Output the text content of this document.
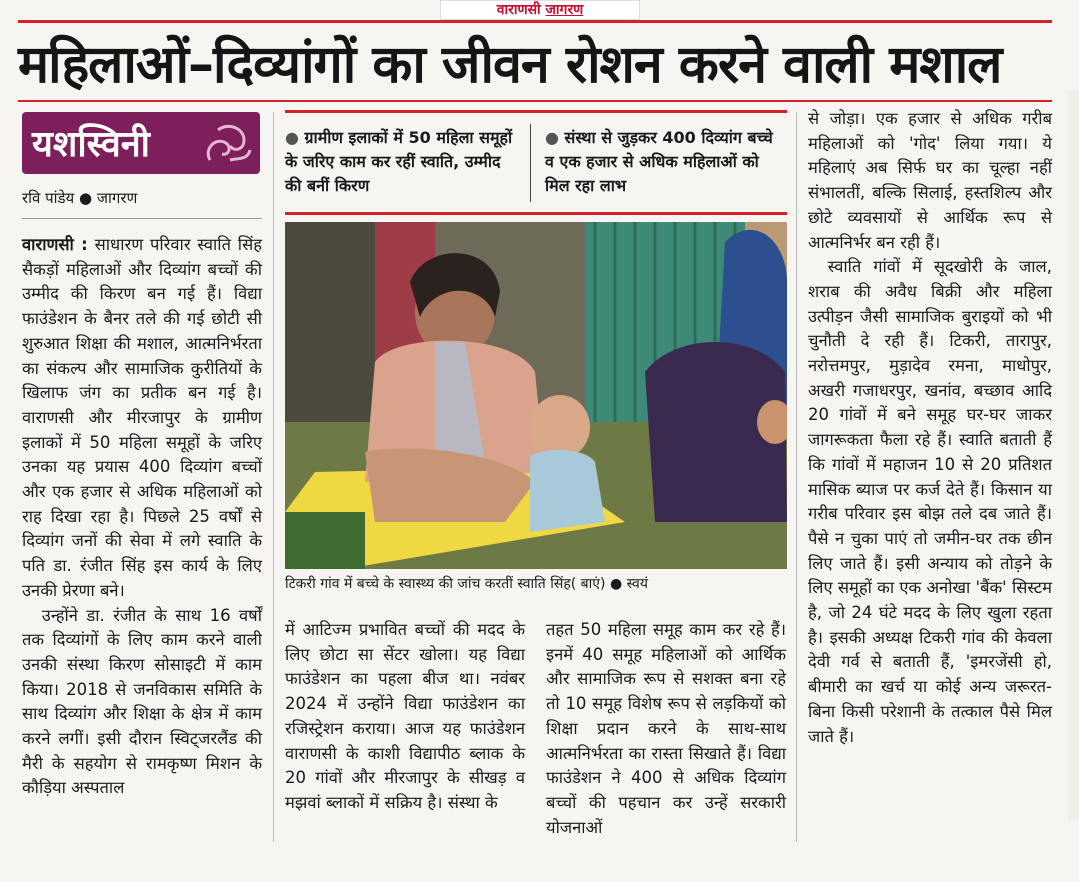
वाराणसी जागरण
महिलाओं–दिव्यांगों का जीवन रोशन करने वाली मशाल
यशस्विनी
रवि पांडेय ● जागरण
● ग्रामीण इलाकों में 50 महिला समूहों के जरिए काम कर रहीं स्वाति, उम्मीद की बनीं किरण
● संस्था से जुड़कर 400 दिव्यांग बच्चे व एक हजार से अधिक महिलाओं को मिल रहा लाभ
टिकरी गांव में बच्चे के स्वास्थ्य की जांच करतीं स्वाति सिंह( बाएं) ● स्वयं

वाराणसी : साधारण परिवार स्वाति सिंह सैकड़ों महिलाओं और दिव्यांग बच्चों की उम्मीद की किरण बन गई हैं। विद्या फाउंडेशन के बैनर तले की गई छोटी सी शुरुआत शिक्षा की मशाल, आत्मनिर्भरता का संकल्प और सामाजिक कुरीतियों के खिलाफ जंग का प्रतीक बन गई है। वाराणसी और मीरजापुर के ग्रामीण इलाकों में 50 महिला समूहों के जरिए उनका यह प्रयास 400 दिव्यांग बच्चों और एक हजार से अधिक महिलाओं को राह दिखा रहा है। पिछले 25 वर्षों से दिव्यांग जनों की सेवा में लगे स्वाति के पति डा. रंजीत सिंह इस कार्य के लिए उनकी प्रेरणा बने।

उन्होंने डा. रंजीत के साथ 16 वर्षों तक दिव्यांगों के लिए काम करने वाली उनकी संस्था किरण सोसाइटी में काम किया। 2018 से जनविकास समिति के साथ दिव्यांग और शिक्षा के क्षेत्र में काम करने लगीं। इसी दौरान स्विट्जरलैंड की मैरी के सहयोग से रामकृष्ण मिशन के कौड़िया अस्पताल

में आटिज्म प्रभावित बच्चों की मदद के लिए छोटा सा सेंटर खोला। यह विद्या फाउंडेशन का पहला बीज था। नवंबर 2024 में उन्होंने विद्या फाउंडेशन का रजिस्ट्रेशन कराया। आज यह फाउंडेशन वाराणसी के काशी विद्यापीठ ब्लाक के 20 गांवों और मीरजापुर के सीखड़ व मझवां ब्लाकों में सक्रिय है। संस्था के
तहत 50 महिला समूह काम कर रहे हैं। इनमें 40 समूह महिलाओं को आर्थिक और सामाजिक रूप से सशक्त बना रहे तो 10 समूह विशेष रूप से लड़कियों को शिक्षा प्रदान करने के साथ-साथ आत्मनिर्भरता का रास्ता सिखाते हैं। विद्या फाउंडेशन ने 400 से अधिक दिव्यांग बच्चों की पहचान कर उन्हें सरकारी योजनाओं

से जोड़ा। एक हजार से अधिक गरीब महिलाओं को 'गोद' लिया गया। ये महिलाएं अब सिर्फ घर का चूल्हा नहीं संभालतीं, बल्कि सिलाई, हस्तशिल्प और छोटे व्यवसायों से आर्थिक रूप से आत्मनिर्भर बन रही हैं।

स्वाति गांवों में सूदखोरी के जाल, शराब की अवैध बिक्री और महिला उत्पीड़न जैसी सामाजिक बुराइयों को भी चुनौती दे रही हैं। टिकरी, तारापुर, नरोत्तमपुर, मुड़ादेव रमना, माधोपुर, अखरी गजाधरपुर, खनांव, बच्छाव आदि 20 गांवों में बने समूह घर-घर जाकर जागरूकता फैला रहे हैं। स्वाति बताती हैं कि गांवों में महाजन 10 से 20 प्रतिशत मासिक ब्याज पर कर्ज देते हैं। किसान या गरीब परिवार इस बोझ तले दब जाते हैं। पैसे न चुका पाएं तो जमीन-घर तक छीन लिए जाते हैं। इसी अन्याय को तोड़ने के लिए समूहों का एक अनोखा 'बैंक' सिस्टम है, जो 24 घंटे मदद के लिए खुला रहता है। इसकी अध्यक्ष टिकरी गांव की केवला देवी गर्व से बताती हैं, 'इमरजेंसी हो, बीमारी का खर्च या कोई अन्य जरूरत-बिना किसी परेशानी के तत्काल पैसे मिल जाते हैं।
